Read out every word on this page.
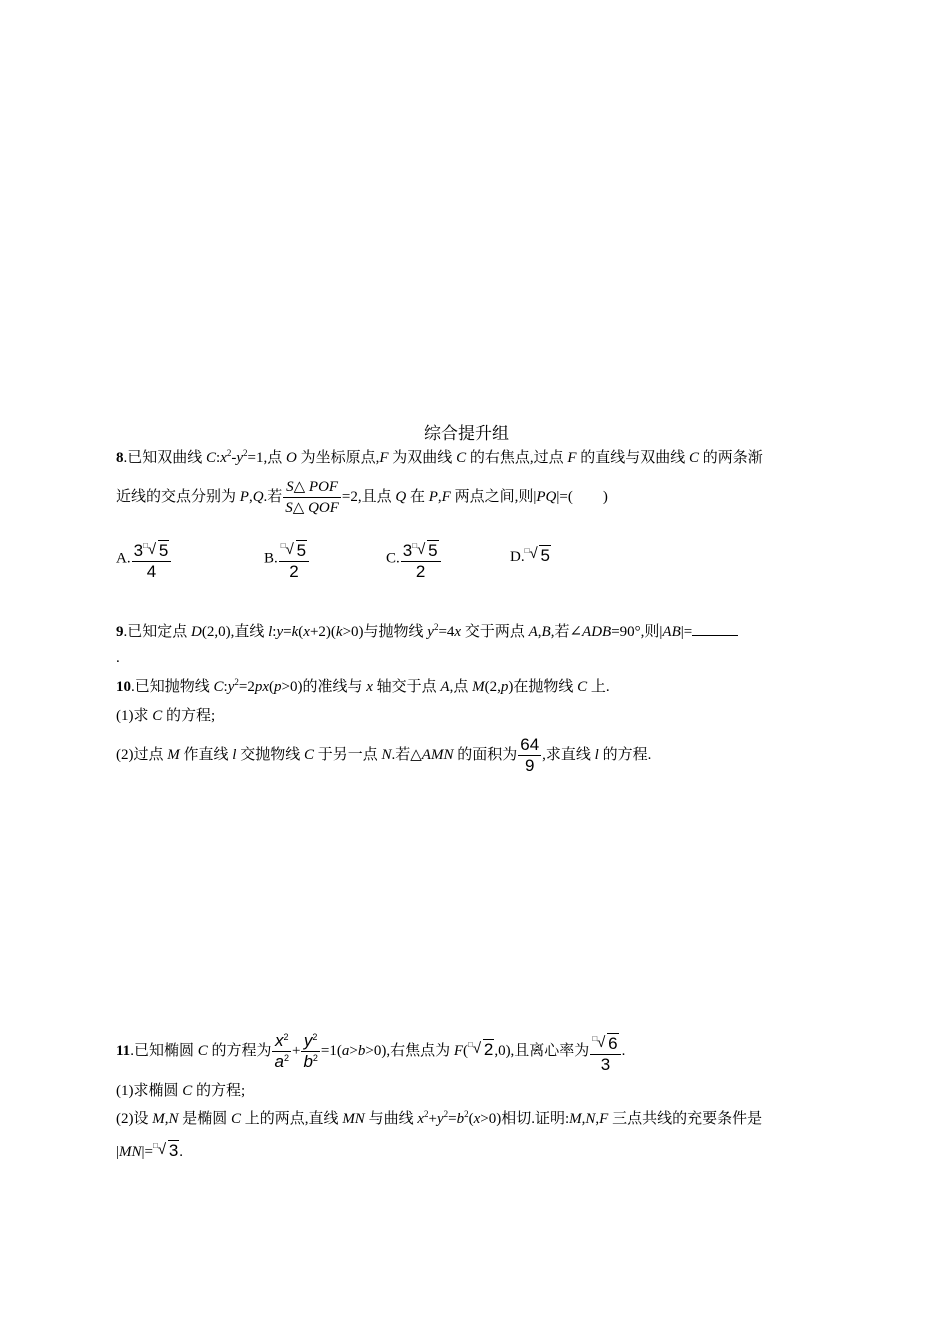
综合提升组
8.已知双曲线 $C:x^2-y^2=1$,点 O 为坐标原点,F 为双曲线 C 的右焦点,过点 F 的直线与双曲线 C 的两条渐
近线的交点分别为 P,Q.若 $\frac{\text{S△ POF}}{\text{S△ QOF}} =2$,且点 Q 在 P,F 两点之间,则|PQ|=(　　)
A. $\frac{3^□ √ 5}{4}$	B. $\frac{^□ √ 5}{2}$	C. $\frac{3^□ √ 5}{2}$	D.□ √ 5
9.已知定点 D(2,0),直线 l:y=k(x+2)(k>0)与抛物线 $y^2=4x$ 交于两点 A,B,若∠ADB=90°,则|AB|=
.
10.已知抛物线 $C:y^2=2px(p>0)$的准线与 x 轴交于点 A,点 M(2,p)在抛物线 C 上.
(1)求 C 的方程;
(2)过点 M 作直线 l 交抛物线 C 于另一点 N.若△AMN 的面积为 $\frac{64}{9}$ ,求直线 l 的方程.
11.已知椭圆 C 的方程为 $\frac{x^2}{a^2} + \frac{y^2}{b^2} =1(a>b>0)$,右焦点为 F(□ √ 2,0),且离心率为 $\frac{^□ √ 6}{3}$ .
(1)求椭圆 C 的方程;
(2)设 M,N 是椭圆 C 上的两点,直线 MN 与曲线 $x^2+y^2=b^2(x>0)$相切.证明:M,N,F 三点共线的充要条件是
|MN|=□ √ 3.
